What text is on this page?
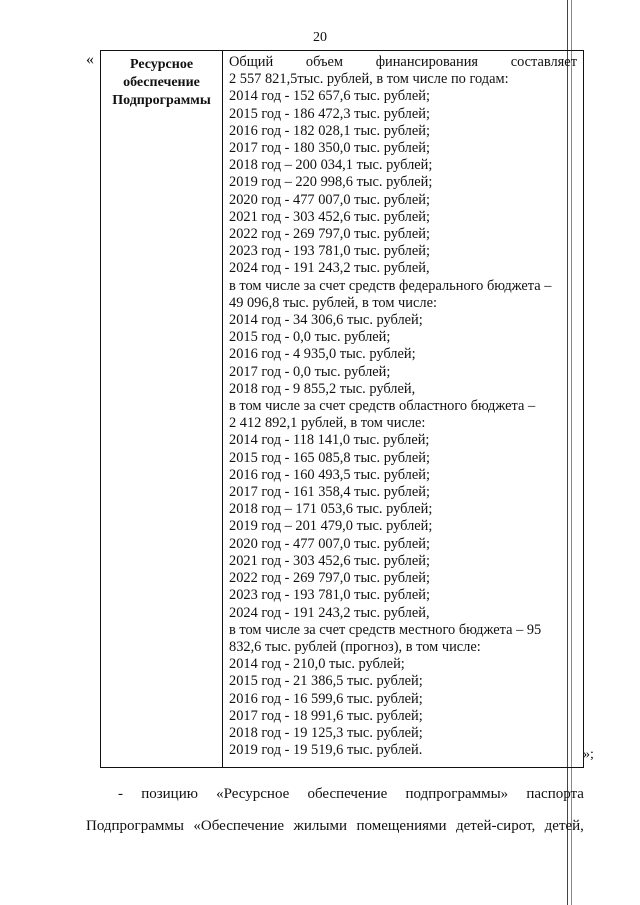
20
«	Ресурсное обеспечение Подпрограммы
Общий объем финансирования составляет
2 557 821,5тыс. рублей, в том числе по годам:
2014 год - 152 657,6 тыс. рублей;
2015 год - 186 472,3 тыс. рублей;
2016 год - 182 028,1 тыс. рублей;
2017 год - 180 350,0 тыс. рублей;
2018 год – 200 034,1 тыс. рублей;
2019 год – 220 998,6 тыс. рублей;
2020 год - 477 007,0 тыс. рублей;
2021 год - 303 452,6 тыс. рублей;
2022 год - 269 797,0 тыс. рублей;
2023 год - 193 781,0 тыс. рублей;
2024 год - 191 243,2 тыс. рублей,
в том числе за счет средств федерального бюджета –
49 096,8 тыс. рублей, в том числе:
2014 год - 34 306,6 тыс. рублей;
2015 год - 0,0 тыс. рублей;
2016 год - 4 935,0 тыс. рублей;
2017 год - 0,0 тыс. рублей;
2018 год - 9 855,2 тыс. рублей,
в том числе за счет средств областного бюджета –
2 412 892,1 рублей, в том числе:
2014 год - 118 141,0 тыс. рублей;
2015 год - 165 085,8 тыс. рублей;
2016 год - 160 493,5 тыс. рублей;
2017 год - 161 358,4 тыс. рублей;
2018 год – 171 053,6 тыс. рублей;
2019 год – 201 479,0 тыс. рублей;
2020 год - 477 007,0 тыс. рублей;
2021 год - 303 452,6 тыс. рублей;
2022 год - 269 797,0 тыс. рублей;
2023 год - 193 781,0 тыс. рублей;
2024 год - 191 243,2 тыс. рублей,
в том числе за счет средств местного бюджета – 95
832,6 тыс. рублей (прогноз), в том числе:
2014 год - 210,0 тыс. рублей;
2015 год - 21 386,5 тыс. рублей;
2016 год - 16 599,6 тыс. рублей;
2017 год - 18 991,6 тыс. рублей;
2018 год - 19 125,3 тыс. рублей;
2019 год - 19 519,6 тыс. рублей.	»;
- позицию «Ресурсное обеспечение подпрограммы» паспорта
Подпрограммы «Обеспечение жилыми помещениями детей-сирот, детей,
